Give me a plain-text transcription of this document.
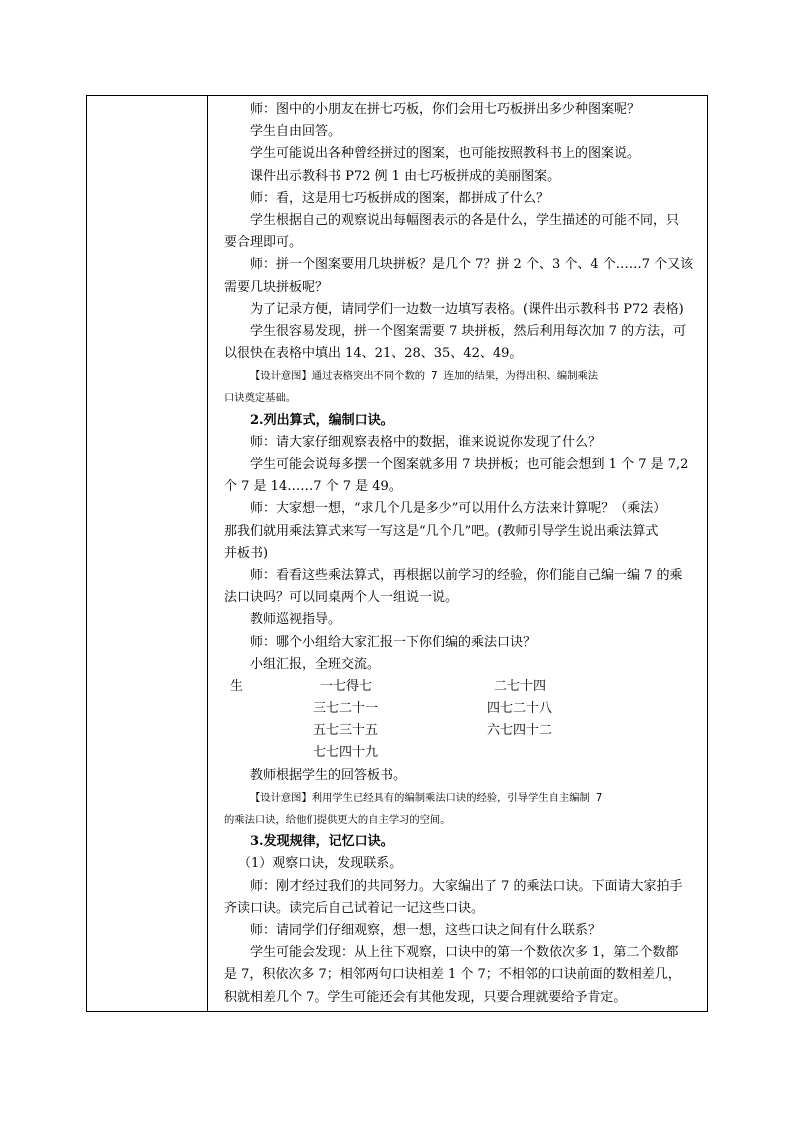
师：图中的小朋友在拼七巧板，你们会用七巧板拼出多少种图案呢？
学生自由回答。
学生可能说出各种曾经拼过的图案，也可能按照教科书上的图案说。
课件出示教科书 P72 例 1 由七巧板拼成的美丽图案。
师：看，这是用七巧板拼成的图案，都拼成了什么？
学生根据自己的观察说出每幅图表示的各是什么，学生描述的可能不同，只
要合理即可。
师：拼一个图案要用几块拼板？是几个 7？拼 2 个、3 个、4 个……7 个又该
需要几块拼板呢？
为了记录方便，请同学们一边数一边填写表格。(课件出示教科书 P72 表格)
学生很容易发现，拼一个图案需要 7 块拼板，然后利用每次加 7 的方法，可
以很快在表格中填出 14、21、28、35、42、49。
【设计意图】通过表格突出不同个数的 7 连加的结果，为得出积、编制乘法
口诀奠定基础。
2.列出算式，编制口诀。
师：请大家仔细观察表格中的数据，谁来说说你发现了什么？
学生可能会说每多摆一个图案就多用 7 块拼板；也可能会想到 1 个 7 是 7,2
个 7 是 14……7 个 7 是 49。
师：大家想一想，“求几个几是多少”可以用什么方法来计算呢？（乘法）
那我们就用乘法算式来写一写这是“几个几”吧。(教师引导学生说出乘法算式
并板书)
师：看看这些乘法算式，再根据以前学习的经验，你们能自己编一编 7 的乘
法口诀吗？可以同桌两个人一组说一说。
教师巡视指导。
师：哪个小组给大家汇报一下你们编的乘法口诀？
小组汇报，全班交流。
生	一七得七	二七十四
三七二十一	四七二十八
五七三十五	六七四十二
七七四十九
教师根据学生的回答板书。
【设计意图】利用学生已经具有的编制乘法口诀的经验，引导学生自主编制 7
的乘法口诀，给他们提供更大的自主学习的空间。
3.发现规律，记忆口诀。
（1）观察口诀，发现联系。
师：刚才经过我们的共同努力。大家编出了 7 的乘法口诀。下面请大家拍手
齐读口诀。读完后自己试着记一记这些口诀。
师：请同学们仔细观察，想一想，这些口诀之间有什么联系？
学生可能会发现：从上往下观察，口诀中的第一个数依次多 1，第二个数都
是 7，积依次多 7；相邻两句口诀相差 1 个 7；不相邻的口诀前面的数相差几，
积就相差几个 7。学生可能还会有其他发现，只要合理就要给予肯定。
